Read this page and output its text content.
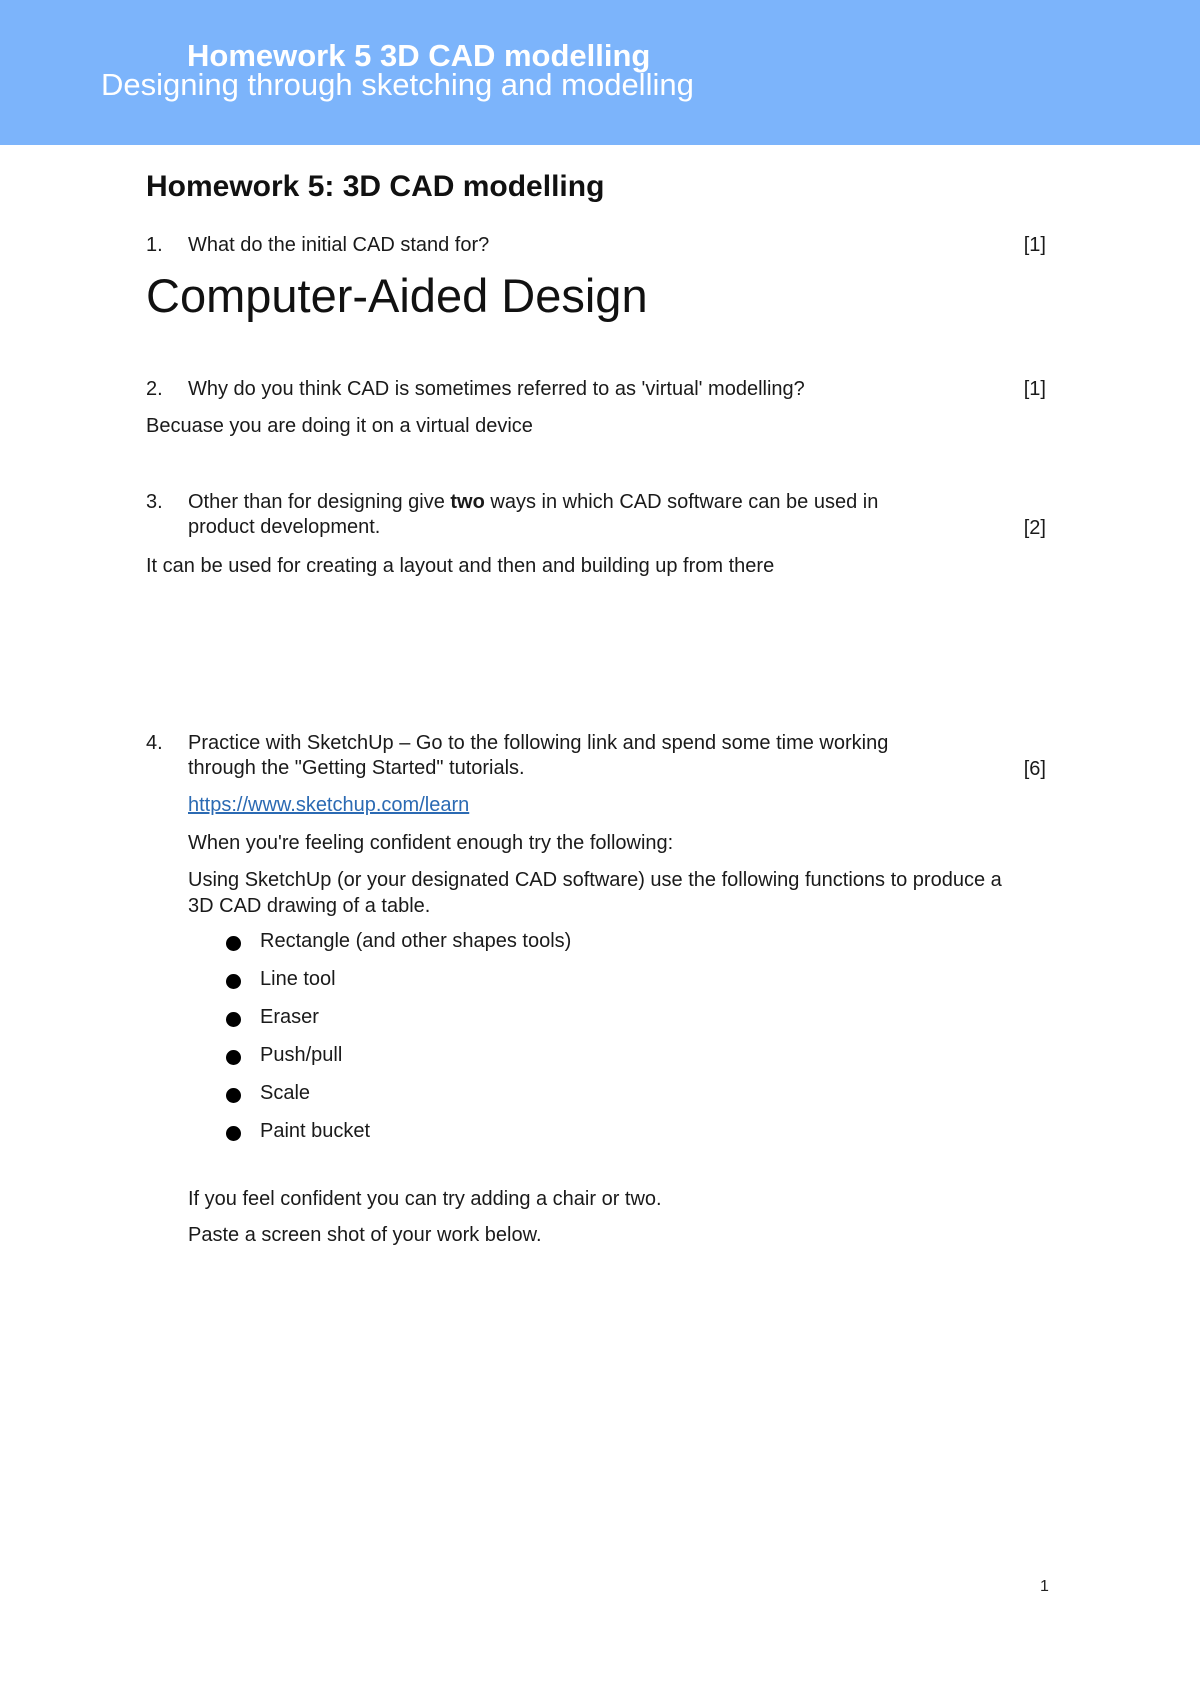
Homework 5 3D CAD modelling
Designing through sketching and modelling
Homework 5: 3D CAD modelling
1. What do the initial CAD stand for?	[1]
Computer-Aided Design
2. Why do you think CAD is sometimes referred to as 'virtual' modelling?	[1]
Becuase you are doing it on a virtual device
3. Other than for designing give two ways in which CAD software can be used in product development.	[2]
It can be used for creating a layout and then and building up from there
4. Practice with SketchUp – Go to the following link and spend some time working through the "Getting Started" tutorials.	[6]
https://www.sketchup.com/learn
When you're feeling confident enough try the following:
Using SketchUp (or your designated CAD software) use the following functions to produce a 3D CAD drawing of a table.
Rectangle (and other shapes tools)
Line tool
Eraser
Push/pull
Scale
Paint bucket
If you feel confident you can try adding a chair or two.
Paste a screen shot of your work below.
1
